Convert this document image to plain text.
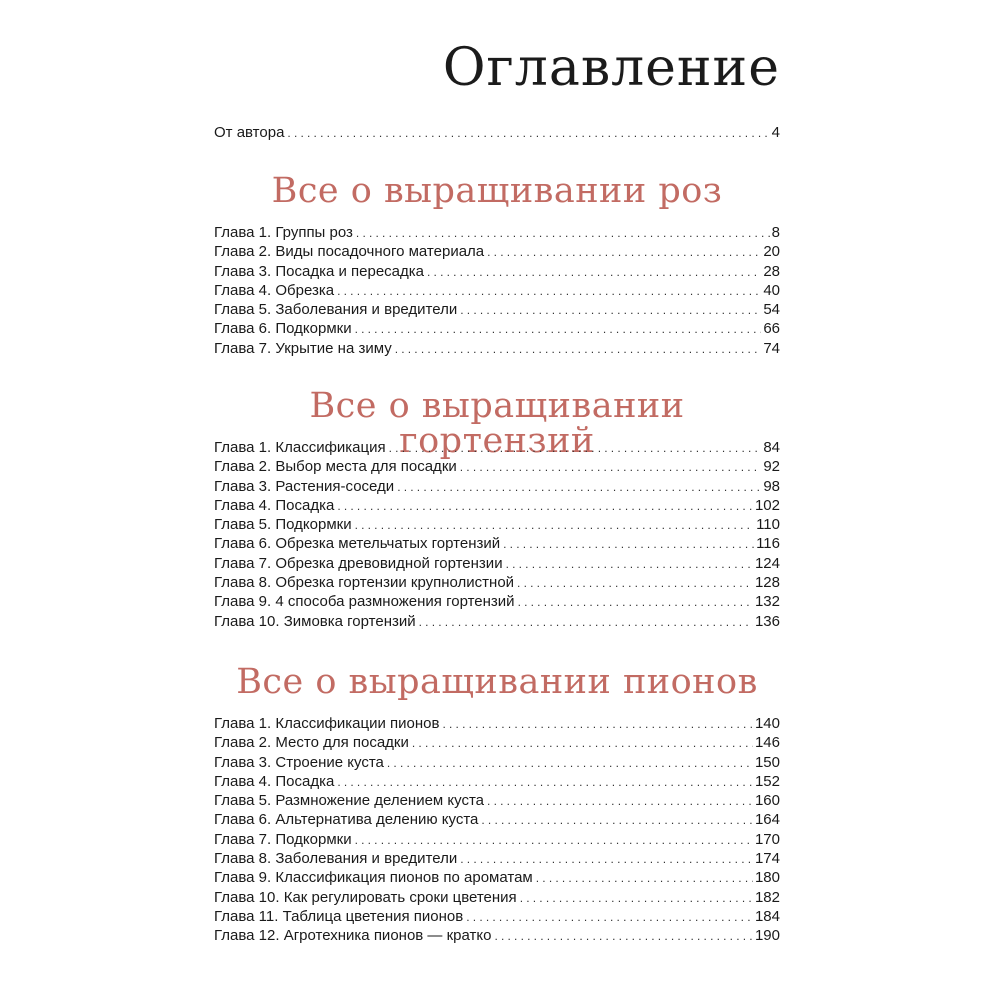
Оглавление
От автора .....	4
Все о выращивании роз
Глава 1. Группы роз .....	8
Глава 2. Виды посадочного материала .....	20
Глава 3. Посадка и пересадка .....	28
Глава 4. Обрезка .....	40
Глава 5. Заболевания и вредители .....	54
Глава 6. Подкормки .....	66
Глава 7. Укрытие на зиму .....	74
Все о выращивании гортензий
Глава 1. Классификация .....	84
Глава 2. Выбор места для посадки .....	92
Глава 3. Растения-соседи .....	98
Глава 4. Посадка .....	102
Глава 5. Подкормки .....	110
Глава 6. Обрезка метельчатых гортензий .....	116
Глава 7. Обрезка древовидной гортензии .....	124
Глава 8. Обрезка гортензии крупнолистной .....	128
Глава 9. 4 способа размножения гортензий .....	132
Глава 10. Зимовка гортензий .....	136
Все о выращивании пионов
Глава 1. Классификации пионов .....	140
Глава 2. Место для посадки .....	146
Глава 3. Строение куста .....	150
Глава 4. Посадка .....	152
Глава 5. Размножение делением куста .....	160
Глава 6. Альтернатива делению куста .....	164
Глава 7. Подкормки .....	170
Глава 8. Заболевания и вредители .....	174
Глава 9. Классификация пионов по ароматам .....	180
Глава 10. Как регулировать сроки цветения .....	182
Глава 11. Таблица цветения пионов .....	184
Глава 12. Агротехника пионов — кратко .....	190
